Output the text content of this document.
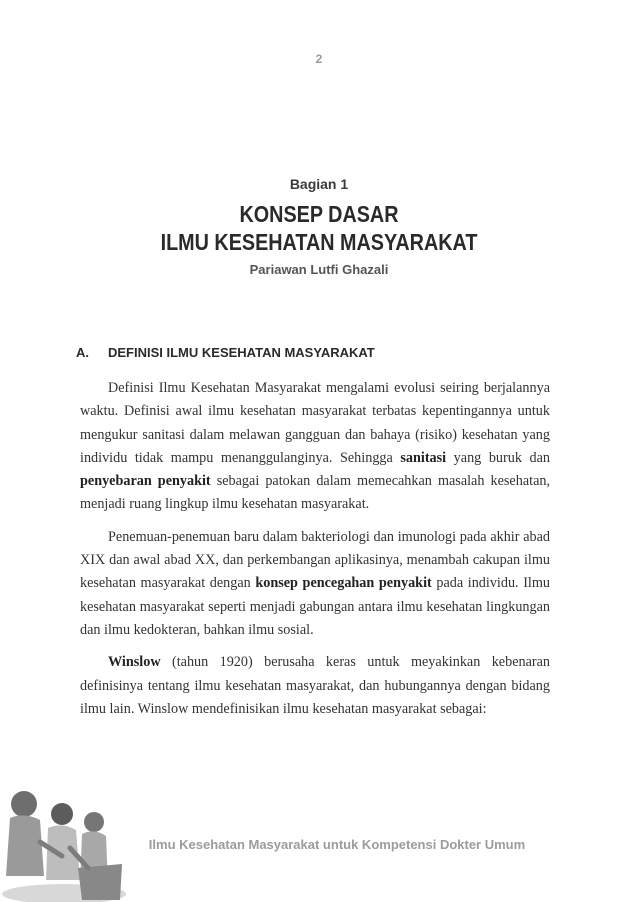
2
Bagian 1
KONSEP DASAR
ILMU KESEHATAN MASYARAKAT
Pariawan Lutfi Ghazali
A. DEFINISI ILMU KESEHATAN MASYARAKAT

Definisi Ilmu Kesehatan Masyarakat mengalami evolusi seiring berjalannya waktu. Definisi awal ilmu kesehatan masyarakat terbatas kepentingannya untuk mengukur sanitasi dalam melawan gangguan dan bahaya (risiko) kesehatan yang individu tidak mampu menanggulanginya. Sehingga sanitasi yang buruk dan penyebaran penyakit sebagai patokan dalam memecahkan masalah kesehatan, menjadi ruang lingkup ilmu kesehatan masyarakat.

Penemuan-penemuan baru dalam bakteriologi dan imunologi pada akhir abad XIX dan awal abad XX, dan perkembangan aplikasinya, menambah cakupan ilmu kesehatan masyarakat dengan konsep pencegahan penyakit pada individu. Ilmu kesehatan masyarakat seperti menjadi gabungan antara ilmu kesehatan lingkungan dan ilmu kedokteran, bahkan ilmu sosial.

Winslow (tahun 1920) berusaha keras untuk meyakinkan kebenaran definisinya tentang ilmu kesehatan masyarakat, dan hubungannya dengan bidang ilmu lain. Winslow mendefinisikan ilmu kesehatan masyarakat sebagai:

Ilmu Kesehatan Masyarakat untuk Kompetensi Dokter Umum
